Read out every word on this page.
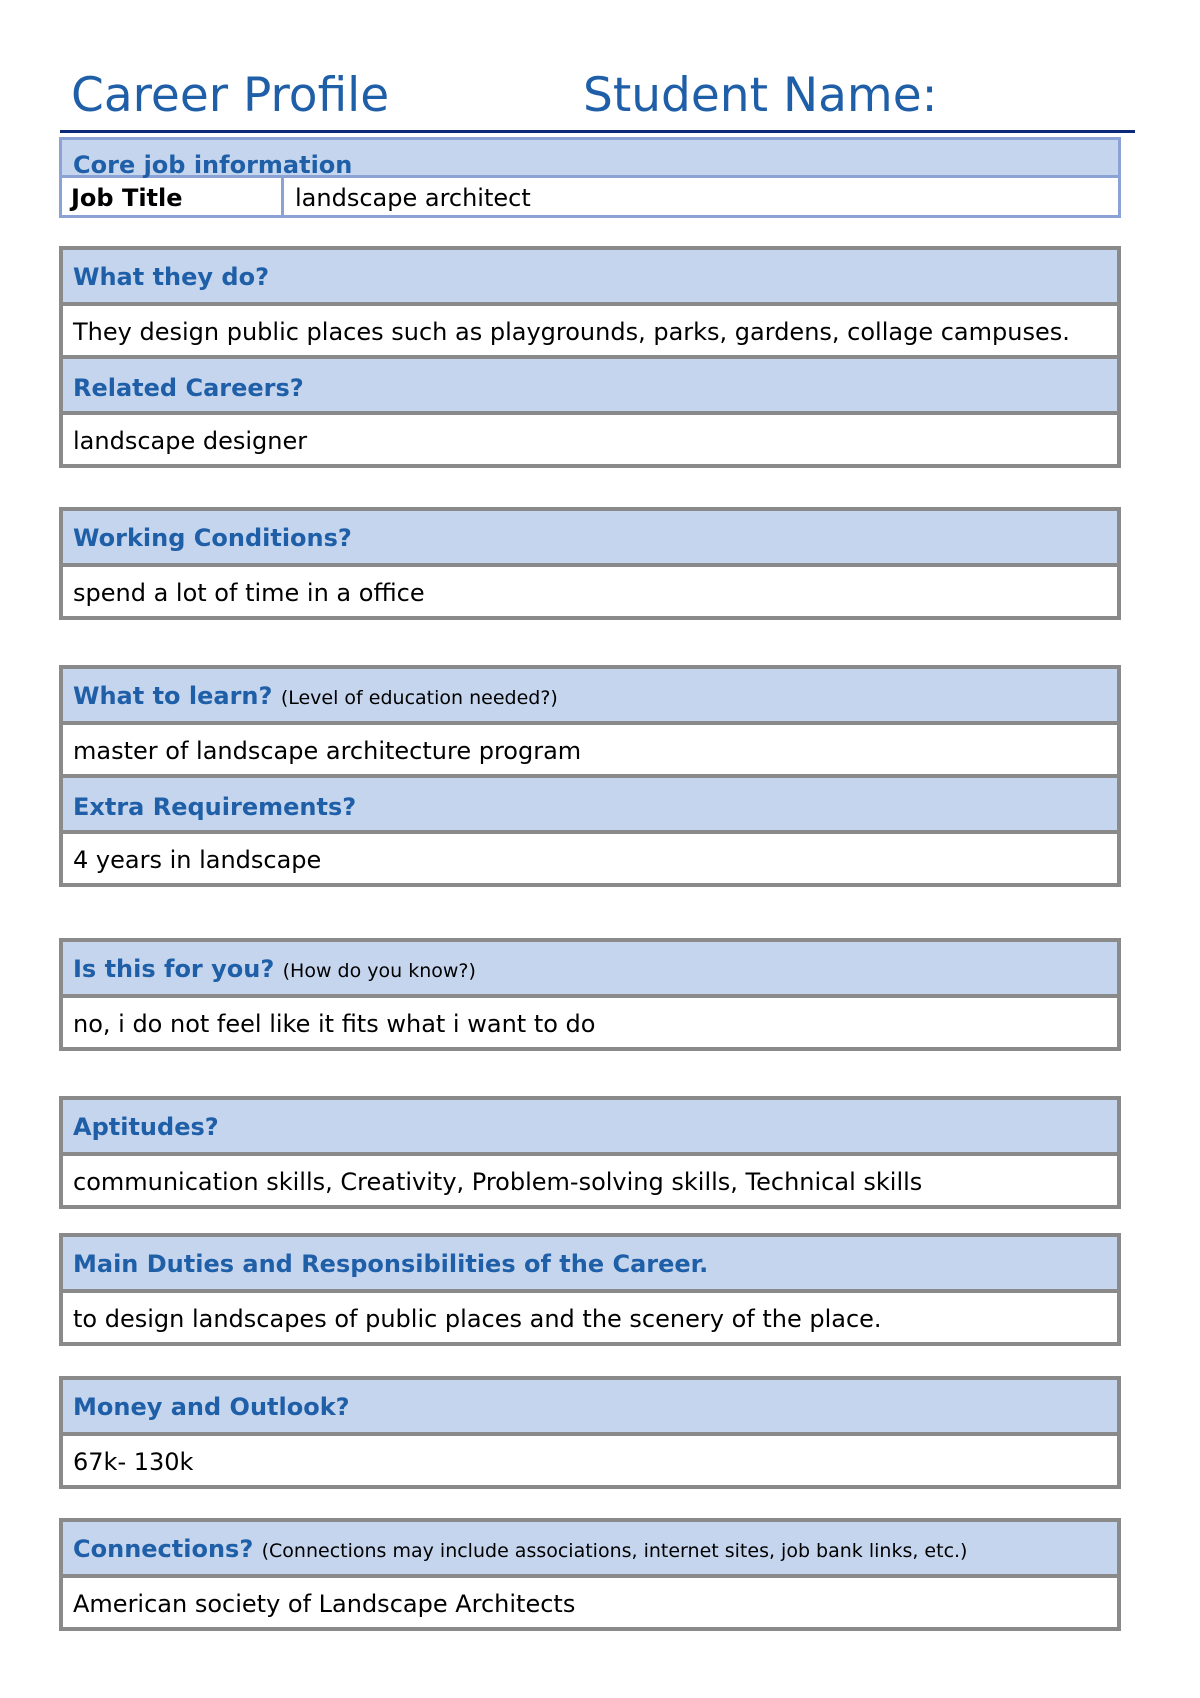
Career Profile	Student Name:
Core job information
Job Title	landscape architect
What they do?
They design public places such as playgrounds, parks, gardens, collage campuses.
Related Careers?
landscape designer
Working Conditions?
spend a lot of time in a office
What to learn? (Level of education needed?)
master of landscape architecture program
Extra Requirements?
4 years in landscape
Is this for you? (How do you know?)
no, i do not feel like it fits what i want to do
Aptitudes?
communication skills, Creativity, Problem-solving skills, Technical skills
Main Duties and Responsibilities of the Career.
to design landscapes of public places and the scenery of the place.
Money and Outlook?
67k- 130k
Connections? (Connections may include associations, internet sites, job bank links, etc.)
American society of Landscape Architects
